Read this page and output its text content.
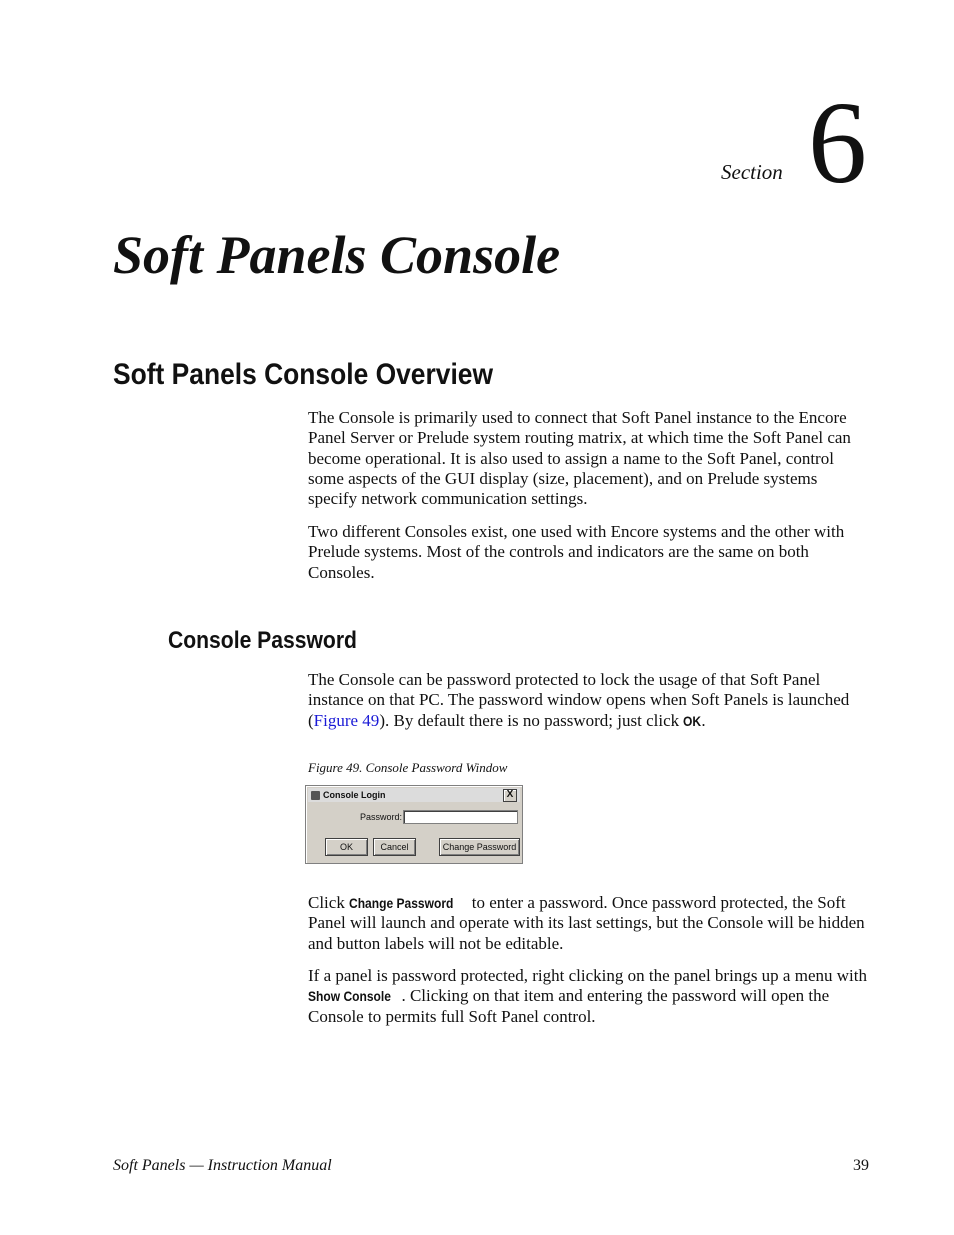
Section 6
Soft Panels Console
Soft Panels Console Overview

The Console is primarily used to connect that Soft Panel instance to the Encore Panel Server or Prelude system routing matrix, at which time the Soft Panel can become operational. It is also used to assign a name to the Soft Panel, control some aspects of the GUI display (size, placement), and on Prelude systems specify network communication settings.

Two different Consoles exist, one used with Encore systems and the other with Prelude systems. Most of the controls and indicators are the same on both Consoles.

Console Password

The Console can be password protected to lock the usage of that Soft Panel instance on that PC. The password window opens when Soft Panels is launched (Figure 49). By default there is no password; just click OK.

Figure 49. Console Password Window
Console Login	X
Password:
OK	Cancel	Change Password

Click Change Password to enter a password. Once password protected, the Soft Panel will launch and operate with its last settings, but the Console will be hidden and button labels will not be editable.

If a panel is password protected, right clicking on the panel brings up a menu with Show Console . Clicking on that item and entering the password will open the Console to permits full Soft Panel control.

Soft Panels — Instruction Manual	39
